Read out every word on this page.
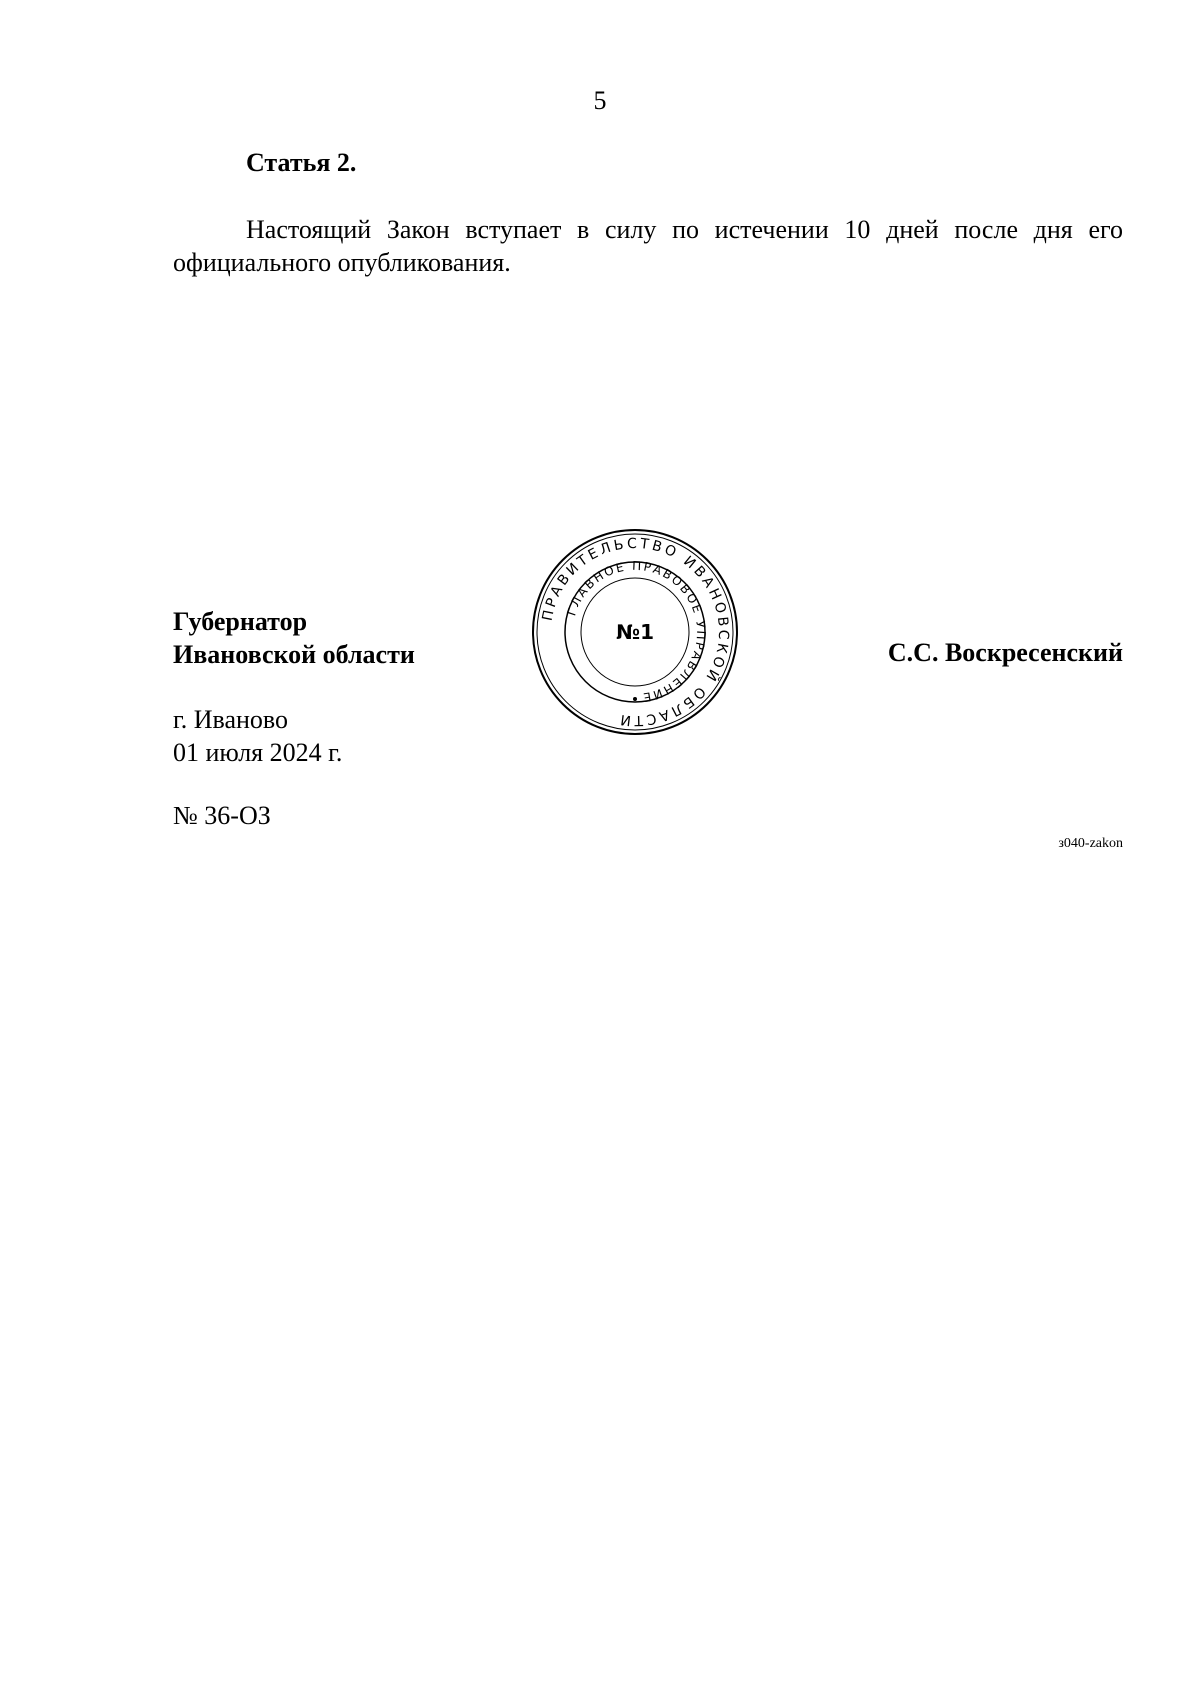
5
Статья 2.

Настоящий Закон вступает в силу по истечении 10 дней после дня его официального опубликования.

Губернатор
Ивановской области	С.С. Воскресенский
г. Иваново
01 июля 2024 г.
№ 36-ОЗ
з040-zakon
ПРАВИТЕЛЬСТВО ИВАНОВСКОЙ ОБЛАСТИ
ГЛАВНОЕ ПРАВОВОЕ УПРАВЛЕНИЕ
№1
